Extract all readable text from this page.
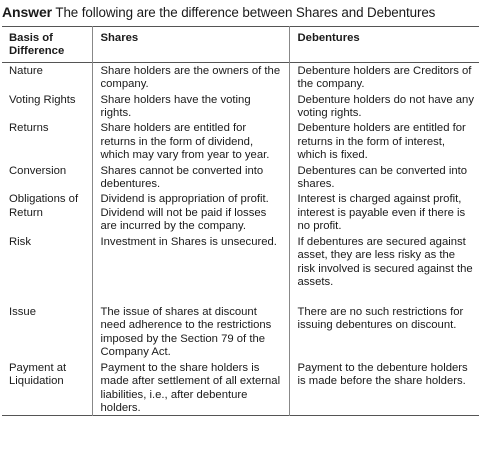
Answer The following are the difference between Shares and Debentures
Basis of Difference	Shares	Debentures
Nature	Share holders are the owners of the company.	Debenture holders are Creditors of the company.
Voting Rights	Share holders have the voting rights.	Debenture holders do not have any voting rights.
Returns	Share holders are entitled for returns in the form of dividend, which may vary from year to year.	Debenture holders are entitled for returns in the form of interest, which is fixed.
Conversion	Shares cannot be converted into debentures.	Debentures can be converted into shares.
Obligations of Return	Dividend is appropriation of profit. Dividend will not be paid if losses are incurred by the company.	Interest is charged against profit, interest is payable even if there is no profit.
Risk	Investment in Shares is unsecured.	If debentures are secured against asset, they are less risky as the risk involved is secured against the assets.
Issue	The issue of shares at discount need adherence to the restrictions imposed by the Section 79 of the Company Act.	There are no such restrictions for issuing debentures on discount.
Payment at Liquidation	Payment to the share holders is made after settlement of all external liabilities, i.e., after debenture holders.	Payment to the debenture holders is made before the share holders.
